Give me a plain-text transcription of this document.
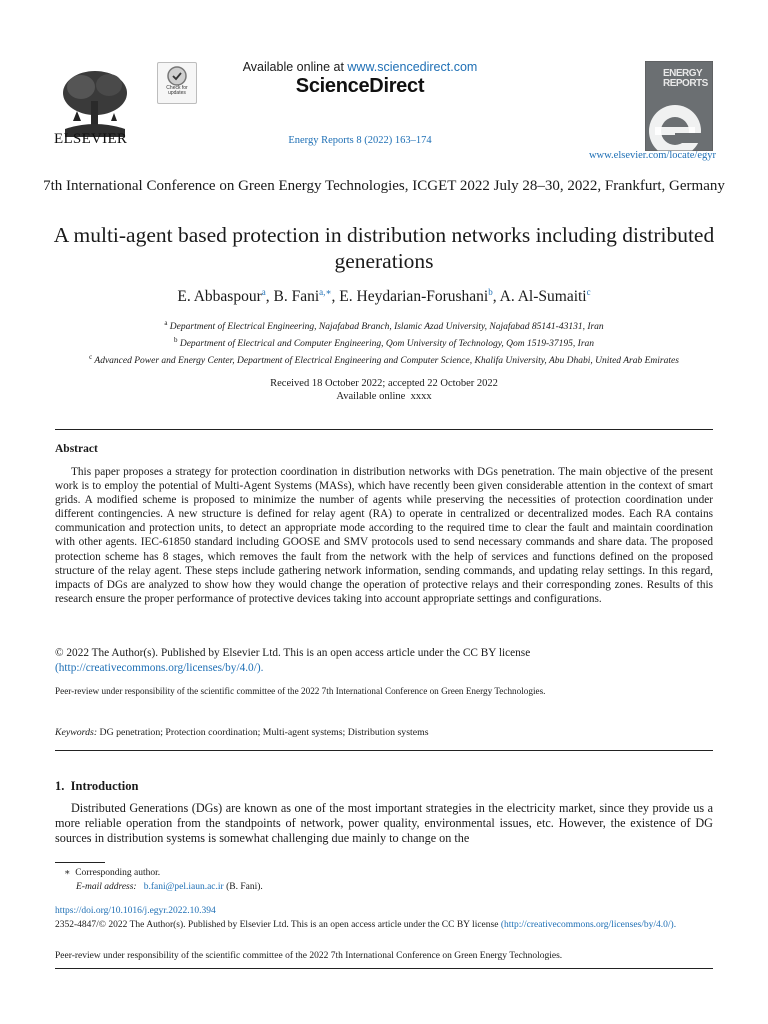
ELSEVIER
Check for updates
Available online at www.sciencedirect.com
ScienceDirect
Energy Reports 8 (2022) 163–174
ENERGY REPORTS
www.elsevier.com/locate/egyr
7th International Conference on Green Energy Technologies, ICGET 2022 July 28–30, 2022, Frankfurt, Germany
A multi-agent based protection in distribution networks including distributed generations
E. Abbaspour$^a$, B. Fani$^{a,∗}$, E. Heydarian-Forushani$^b$, A. Al-Sumaiti$^c$
$^a$ Department of Electrical Engineering, Najafabad Branch, Islamic Azad University, Najafabad 85141-43131, Iran
$^b$ Department of Electrical and Computer Engineering, Qom University of Technology, Qom 1519-37195, Iran
$^c$ Advanced Power and Energy Center, Department of Electrical Engineering and Computer Science, Khalifa University, Abu Dhabi, United Arab Emirates
Received 18 October 2022; accepted 22 October 2022
Available online  xxxx
Abstract
This paper proposes a strategy for protection coordination in distribution networks with DGs penetration. The main objective of the present work is to employ the potential of Multi-Agent Systems (MASs), which have recently been given considerable attention in the context of smart grids. A modified scheme is proposed to minimize the number of agents while preserving the necessities of protection coordination under different contingencies. A new structure is defined for relay agent (RA) to operate in centralized or decentralized modes. Each RA contains communication and protection units, to detect an appropriate mode according to the required time to clear the fault and maintain coordination with other agents. IEC-61850 standard including GOOSE and SMV protocols used to send necessary commands and share data. The proposed protection scheme has 8 stages, which removes the fault from the network with the help of services and functions defined on the proposed structure of the relay agent. These steps include gathering network information, sending commands, and updating relay settings. In this regard, impacts of DGs are analyzed to show how they would change the operation of protective relays and their corresponding zones. Results of this research ensure the proper performance of protective devices taking into account appropriate settings and configurations.
© 2022 The Author(s). Published by Elsevier Ltd. This is an open access article under the CC BY license
(http://creativecommons.org/licenses/by/4.0/).
Peer-review under responsibility of the scientific committee of the 2022 7th International Conference on Green Energy Technologies.
Keywords: DG penetration; Protection coordination; Multi-agent systems; Distribution systems
1.  Introduction
Distributed Generations (DGs) are known as one of the most important strategies in the electricity market, since they provide us a more reliable operation from the standpoints of network, power quality, environmental issues, etc. However, the existence of DG sources in distribution systems is somewhat challenging due mainly to change on the
∗ Corresponding author.
E-mail address: b.fani@pel.iaun.ac.ir (B. Fani).
https://doi.org/10.1016/j.egyr.2022.10.394
2352-4847/© 2022 The Author(s). Published by Elsevier Ltd. This is an open access article under the CC BY license (http://creativecommons.org/licenses/by/4.0/).
Peer-review under responsibility of the scientific committee of the 2022 7th International Conference on Green Energy Technologies.
